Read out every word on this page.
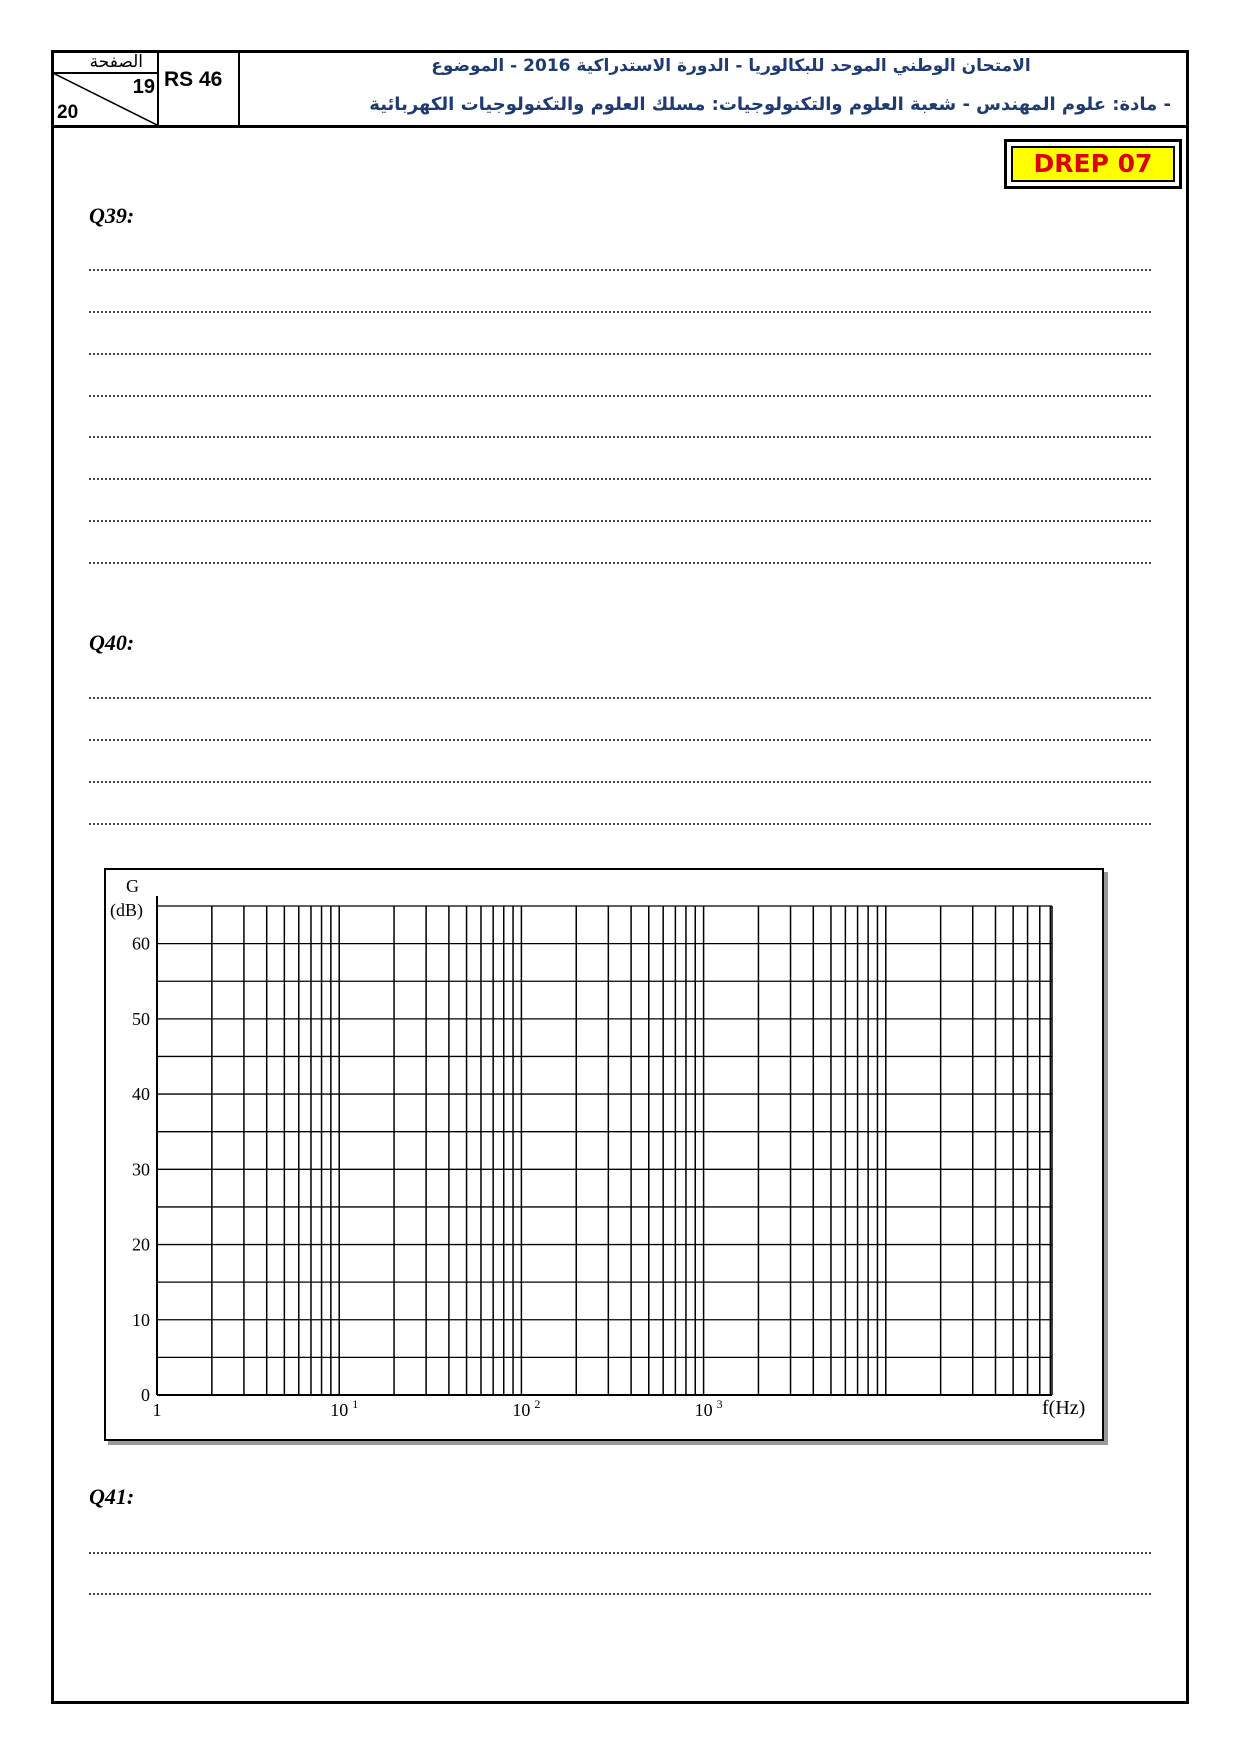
الصفحة
19
20
RS 46
الامتحان الوطني الموحد للبكالوريا - الدورة الاستدراكية 2016 - الموضوع
- مادة: علوم المهندس - شعبة العلوم والتكنولوجيات: مسلك العلوم والتكنولوجيات الكهربائية
DREP 07
Q39:
Q40:
0
10
20
30
40
50
60
1	10 1	10 2	10 3
G
(dB)
f(Hz)
Q41:
